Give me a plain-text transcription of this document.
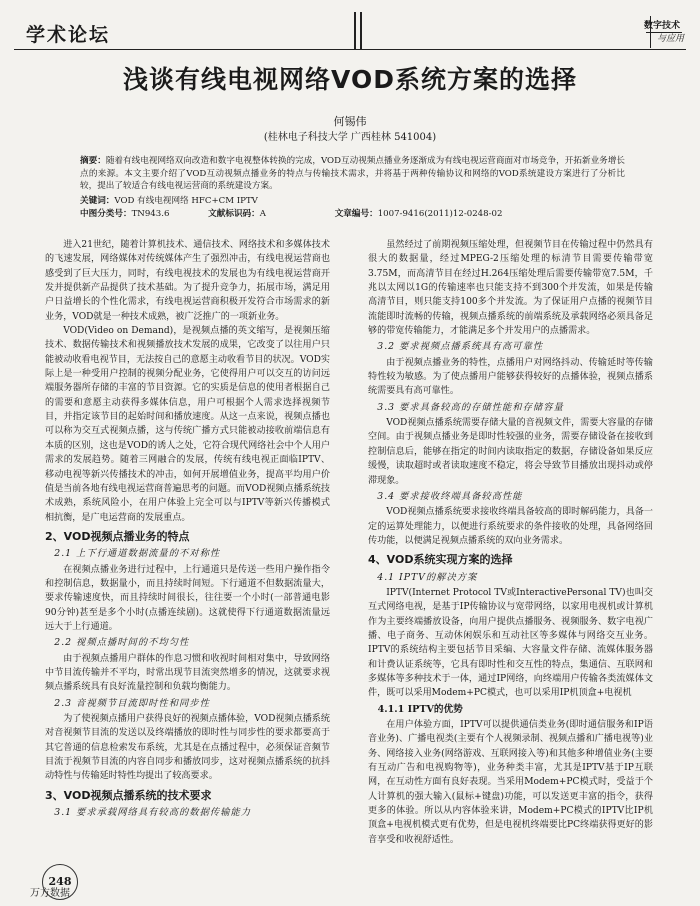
学术论坛	数字技术
与应用
浅谈有线电视网络VOD系统方案的选择
何锡伟
(桂林电子科技大学 广西桂林 541004)
摘要：随着有线电视网络双向改造和数字电视整体转换的完成，VOD互动视频点播业务逐渐成为有线电视运营商面对市场竞争，开拓新业务增长点的来源。本文主要介绍了VOD互动视频点播业务的特点与传输技术需求，并将基于两种传输协议和网络的VOD系统建设方案进行了分析比较，提出了较适合有线电视运营商的系统建设方案。
关键词：VOD 有线电视网络 HFC+CM IPTV
中图分类号：TN943.6	文献标识码：A	文章编号：1007-9416(2011)12-0248-02

进入21世纪，随着计算机技术、通信技术、网络技术和多媒体技术的飞速发展，网络媒体对传统媒体产生了强烈冲击，有线电视运营商也感受到了巨大压力，同时，有线电视技术的发展也为有线电视运营商开发并提供新产品提供了技术基础。为了提升竞争力，拓展市场，满足用户日益增长的个性化需求，有线电视运营商积极开发符合市场需求的新业务，VOD就是一种技术成熟，被广泛推广的一项新业务。

VOD(Video on Demand)，是视频点播的英文缩写，是视频压缩技术、数据传输技术和视频播放技术发展的成果，它改变了以往用户只能被动收看电视节目，无法按自己的意愿主动收看节目的状况。VOD实际上是一种受用户控制的视频分配业务，它使得用户可以交互的访问远端服务器所存储的丰富的节目资源。它的实质是信息的使用者根据自己的需要和意愿主动获得多媒体信息，用户可根据个人需求选择视频节目，并指定该节目的起始时间和播放速度。从这一点来说，视频点播也可以称为交互式视频点播，这与传统广播方式只能被动接收前端信息有本质的区别，这也是VOD的诱人之处，它符合现代网络社会中个人用户需求的发展趋势。随着三网融合的发展，传统有线电视正面临IPTV、移动电视等新兴传播技术的冲击，如何开展增值业务，提高平均用户价值是当前各地有线电视运营商普遍思考的问题。而VOD视频点播系统技术成熟，系统风险小，在用户体验上完全可以与IPTV等新兴传播模式相抗衡，是广电运营商的发展重点。

2、VOD视频点播业务的特点
2.1 上下行通道数据流量的不对称性

在视频点播业务进行过程中，上行通道只是传送一些用户操作指令和控制信息，数据量小，而且持续时间短。下行通道不但数据流量大，要求传输速度快，而且持续时间很长，往往要一个小时(一部普通电影90分钟)甚至是多个小时(点播连续剧)。这就使得下行通道数据流量远远大于上行通道。

2.2 视频点播时间的不均匀性

由于视频点播用户群体的作息习惯和收视时间相对集中，导致网络中节目流传输并不平均，时常出现节目流突然增多的情况，这就要求视频点播系统具有良好流量控制和负载均衡能力。

2.3 音视频节目流即时性和同步性

为了使视频点播用户获得良好的视频点播体验，VOD视频点播系统对音视频节目流的发送以及终端播放的即时性与同步性的要求都要高于其它普通的信息检索发布系统，尤其是在点播过程中，必须保证音频节目流于视频节目流的内容自同步和播放同步，这对视频点播系统的抗抖动特性与传输延时特性均提出了较高要求。

3、VOD视频点播系统的技术要求
3.1 要求承载网络具有较高的数据传输能力

虽然经过了前期视频压缩处理，但视频节目在传输过程中仍然具有很大的数据量，经过MPEG-2压缩处理的标清节目需要传输带宽3.75M，而高清节目在经过H.264压缩处理后需要传输带宽7.5M，千兆以太网以1G的传输速率也只能支持不到300个并发流，如果是传输高清节目，则只能支持100多个并发流。为了保证用户点播的视频节目流能即时流畅的传输，视频点播系统的前端系统及承载网络必须具备足够的带宽传输能力，才能满足多个并发用户的点播需求。

3.2 要求视频点播系统具有高可靠性

由于视频点播业务的特性，点播用户对网络抖动、传输延时等传输特性较为敏感。为了使点播用户能够获得较好的点播体验，视频点播系统需要具有高可靠性。

3.3 要求具备较高的存储性能和存储容量

VOD视频点播系统需要存储大量的音视频文件，需要大容量的存储空间。由于视频点播业务是即时性较强的业务，需要存储设备在接收到控制信息后，能够在指定的时间内读取指定的数据，存储设备如果反应缓慢，读取超时或者读取速度不稳定，将会导致节目播放出现抖动或停滞现象。

3.4 要求接收终端具备较高性能

VOD视频点播系统要求接收终端具备较高的即时解码能力，具备一定的运算处理能力，以便进行系统要求的条件接收的处理，具备网络回传功能，以便满足视频点播系统的双向业务需求。

4、VOD系统实现方案的选择
4.1 IPTV的解决方案

IPTV(Internet Protocol TV或InteractivePersonal TV)也叫交互式网络电视，是基于IP传输协议与宽带网络，以家用电视机或计算机作为主要终端播放设备，向用户提供点播服务、视频服务、数字电视广播、电子商务、互动休闲娱乐和互动社区等多媒体与网络交互业务。IPTV的系统结构主要包括节目采编、大容量文件存储、流媒体服务器和计费认证系统等，它具有即时性和交互性的特点，集通信、互联网和多媒体等多种技术于一体，通过IP网络，向终端用户传输各类流媒体文件，既可以采用Modem+PC模式，也可以采用IP机顶盒+电视机

4.1.1 IPTV的优势

在用户体验方面，IPTV可以提供通信类业务(即时通信服务和IP语音业务)、广播电视类(主要有个人视频录制、视频点播和广播电视等)业务、网络接入业务(网络游戏、互联网接入等)和其他多种增值业务(主要有互动广告和电视购物等)，业务种类丰富，尤其是IPTV基于IP互联网，在互动性方面有良好表现。当采用Modem+PC模式时，受益于个人计算机的强大输入(鼠标+键盘)功能，可以发送更丰富的指令，获得更多的体验。所以从内容体验来讲，Modem+PC模式的IPTV比IP机顶盒+电视机模式更有优势，但是电视机终端要比PC终端获得更好的影音享受和收视舒适性。

248
万方数据
